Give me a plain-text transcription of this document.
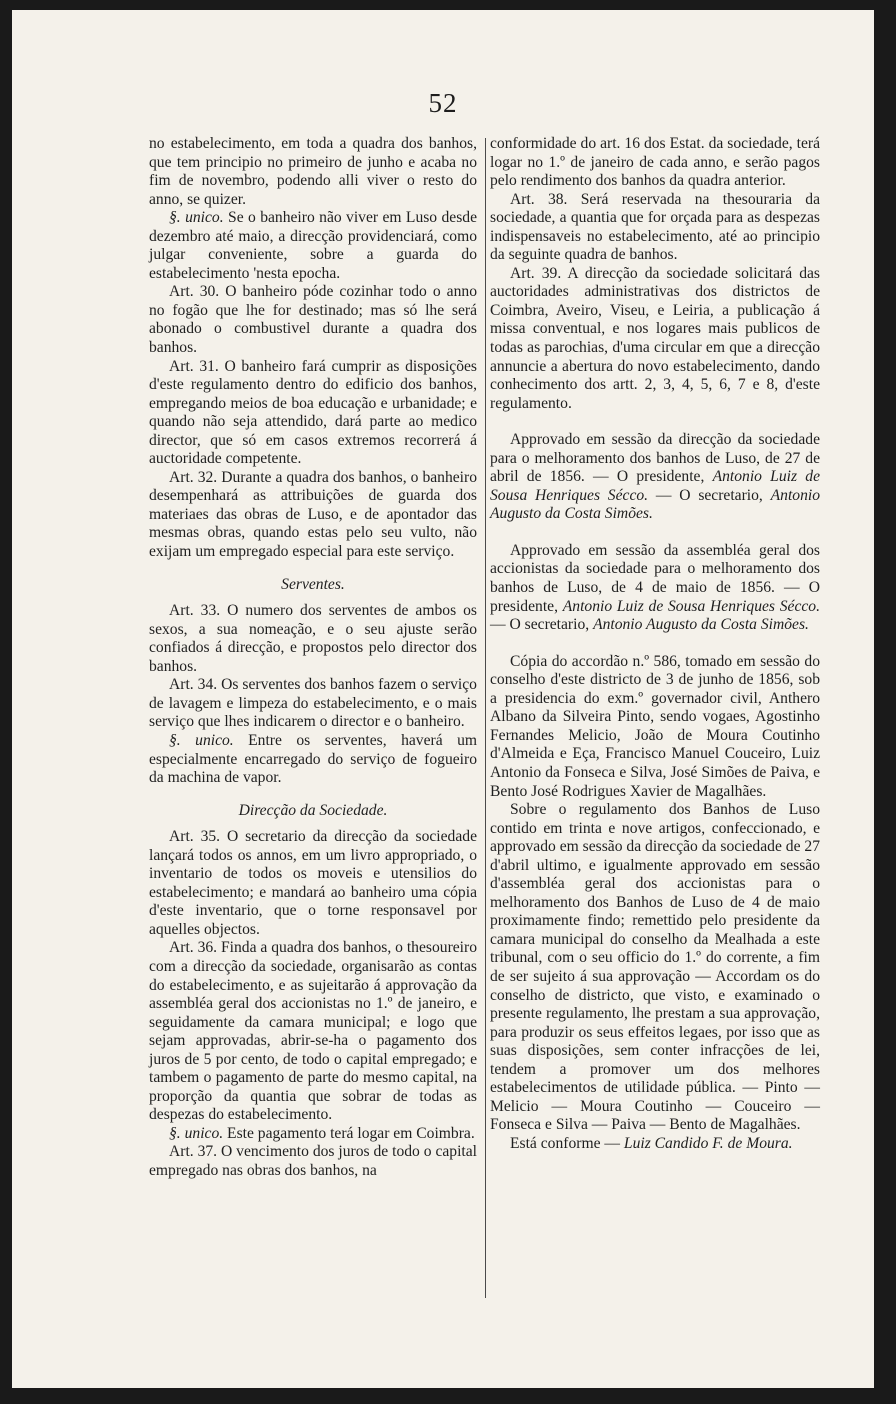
52

no estabelecimento, em toda a quadra dos banhos, que tem principio no primeiro de junho e acaba no fim de novembro, podendo alli viver o resto do anno, se quizer.

§. unico. Se o banheiro não viver em Luso desde dezembro até maio, a direcção providenciará, como julgar conveniente, sobre a guarda do estabelecimento 'nesta epocha.

Art. 30. O banheiro póde cozinhar todo o anno no fogão que lhe for destinado; mas só lhe será abonado o combustivel durante a quadra dos banhos.

Art. 31. O banheiro fará cumprir as disposições d'este regulamento dentro do edificio dos banhos, empregando meios de boa educação e urbanidade; e quando não seja attendido, dará parte ao medico director, que só em casos extremos recorrerá á auctoridade competente.

Art. 32. Durante a quadra dos banhos, o banheiro desempenhará as attribuições de guarda dos materiaes das obras de Luso, e de apontador das mesmas obras, quando estas pelo seu vulto, não exijam um empregado especial para este serviço.

Serventes.

Art. 33. O numero dos serventes de ambos os sexos, a sua nomeação, e o seu ajuste serão confiados á direcção, e propostos pelo director dos banhos.

Art. 34. Os serventes dos banhos fazem o serviço de lavagem e limpeza do estabelecimento, e o mais serviço que lhes indicarem o director e o banheiro.

§. unico. Entre os serventes, haverá um especialmente encarregado do serviço de fogueiro da machina de vapor.

Direcção da Sociedade.

Art. 35. O secretario da direcção da sociedade lançará todos os annos, em um livro appropriado, o inventario de todos os moveis e utensilios do estabelecimento; e mandará ao banheiro uma cópia d'este inventario, que o torne responsavel por aquelles objectos.

Art. 36. Finda a quadra dos banhos, o thesoureiro com a direcção da sociedade, organisarão as contas do estabelecimento, e as sujeitarão á approvação da assembléa geral dos accionistas no 1.º de janeiro, e seguidamente da camara municipal; e logo que sejam approvadas, abrir-se-ha o pagamento dos juros de 5 por cento, de todo o capital empregado; e tambem o pagamento de parte do mesmo capital, na proporção da quantia que sobrar de todas as despezas do estabelecimento.

§. unico. Este pagamento terá logar em Coimbra.

Art. 37. O vencimento dos juros de todo o capital empregado nas obras dos banhos, na

conformidade do art. 16 dos Estat. da sociedade, terá logar no 1.º de janeiro de cada anno, e serão pagos pelo rendimento dos banhos da quadra anterior.

Art. 38. Será reservada na thesouraria da sociedade, a quantia que for orçada para as despezas indispensaveis no estabelecimento, até ao principio da seguinte quadra de banhos.

Art. 39. A direcção da sociedade solicitará das auctoridades administrativas dos districtos de Coimbra, Aveiro, Viseu, e Leiria, a publicação á missa conventual, e nos logares mais publicos de todas as parochias, d'uma circular em que a direcção annuncie a abertura do novo estabelecimento, dando conhecimento dos artt. 2, 3, 4, 5, 6, 7 e 8, d'este regulamento.

Approvado em sessão da direcção da sociedade para o melhoramento dos banhos de Luso, de 27 de abril de 1856. — O presidente, Antonio Luiz de Sousa Henriques Sécco. — O secretario, Antonio Augusto da Costa Simões.

Approvado em sessão da assembléa geral dos accionistas da sociedade para o melhoramento dos banhos de Luso, de 4 de maio de 1856. — O presidente, Antonio Luiz de Sousa Henriques Sécco. — O secretario, Antonio Augusto da Costa Simões.

Cópia do accordão n.º 586, tomado em sessão do conselho d'este districto de 3 de junho de 1856, sob a presidencia do exm.º governador civil, Anthero Albano da Silveira Pinto, sendo vogaes, Agostinho Fernandes Melicio, João de Moura Coutinho d'Almeida e Eça, Francisco Manuel Couceiro, Luiz Antonio da Fonseca e Silva, José Simões de Paiva, e Bento José Rodrigues Xavier de Magalhães.

Sobre o regulamento dos Banhos de Luso contido em trinta e nove artigos, confeccionado, e approvado em sessão da direcção da sociedade de 27 d'abril ultimo, e igualmente approvado em sessão d'assembléa geral dos accionistas para o melhoramento dos Banhos de Luso de 4 de maio proximamente findo; remettido pelo presidente da camara municipal do conselho da Mealhada a este tribunal, com o seu officio do 1.º do corrente, a fim de ser sujeito á sua approvação — Accordam os do conselho de districto, que visto, e examinado o presente regulamento, lhe prestam a sua approvação, para produzir os seus effeitos legaes, por isso que as suas disposições, sem conter infracções de lei, tendem a promover um dos melhores estabelecimentos de utilidade pública. — Pinto — Melicio — Moura Coutinho — Couceiro — Fonseca e Silva — Paiva — Bento de Magalhães.

Está conforme — Luiz Candido F. de Moura.
